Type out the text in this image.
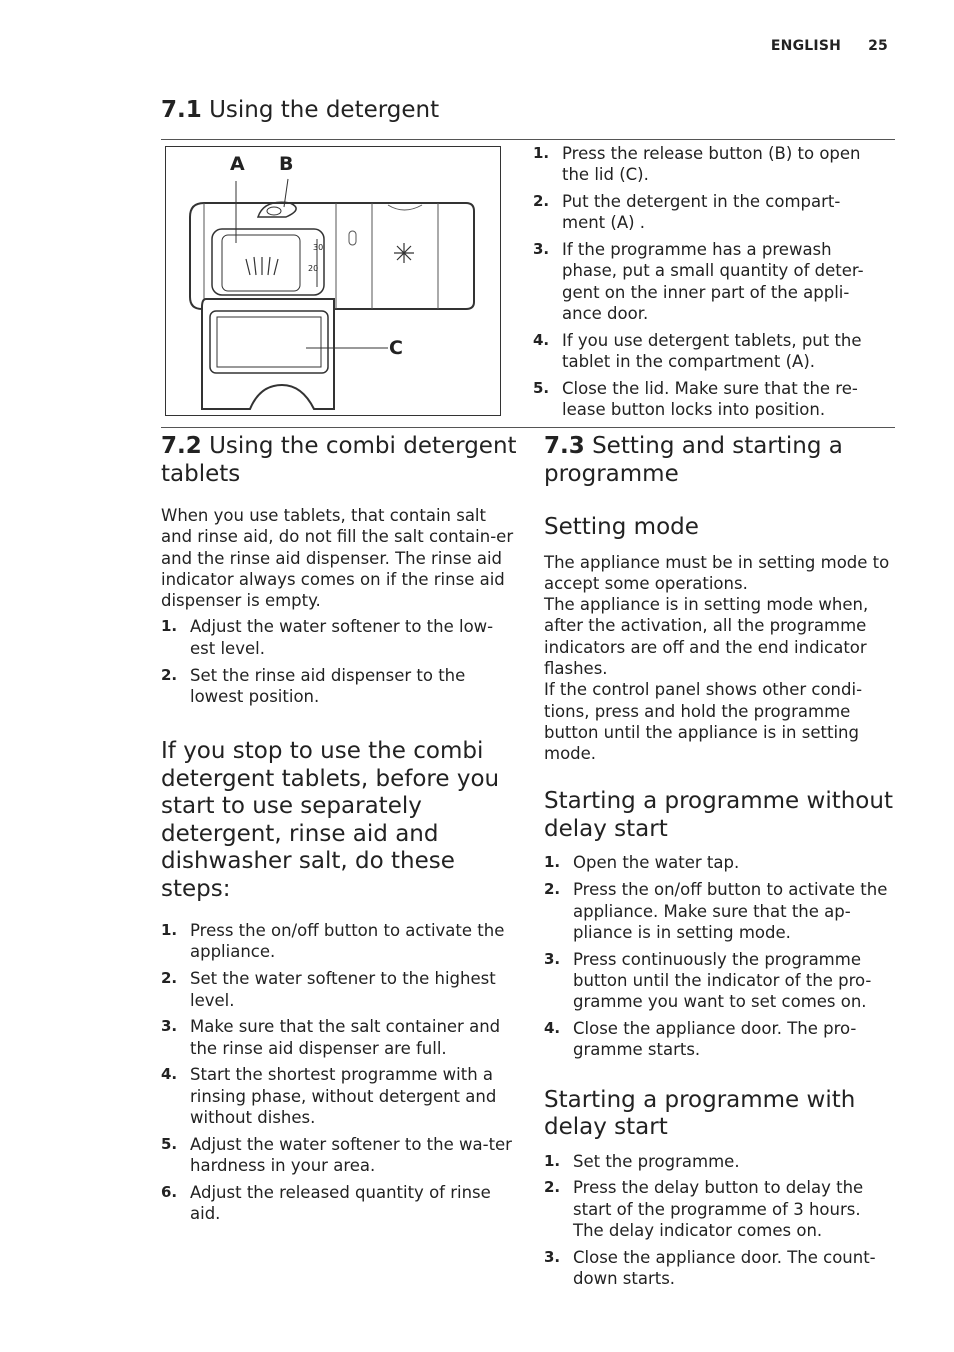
ENGLISH 25
7.1 Using the detergent
A B
C
30
20
1. Press the release button (B) to open the lid (C).
2. Put the detergent in the compart-ment (A) .
3. If the programme has a prewash phase, put a small quantity of deter-gent on the inner part of the appli-ance door.
4. If you use detergent tablets, put the tablet in the compartment (A).
5. Close the lid. Make sure that the re-lease button locks into position.
7.2 Using the combi detergent tablets

When you use tablets, that contain salt and rinse aid, do not fill the salt contain-er and the rinse aid dispenser. The rinse aid indicator always comes on if the rinse aid dispenser is empty.

1. Adjust the water softener to the low-est level.
2. Set the rinse aid dispenser to the lowest position.
If you stop to use the combi detergent tablets, before you start to use separately detergent, rinse aid and dishwasher salt, do these steps:
1. Press the on/off button to activate the appliance.
2. Set the water softener to the highest level.
3. Make sure that the salt container and the rinse aid dispenser are full.
4. Start the shortest programme with a rinsing phase, without detergent and without dishes.
5. Adjust the water softener to the wa-ter hardness in your area.
6. Adjust the released quantity of rinse aid.
7.3 Setting and starting a programme
Setting mode

The appliance must be in setting mode to accept some operations.
The appliance is in setting mode when, after the activation, all the programme indicators are off and the end indicator flashes.
If the control panel shows other condi-tions, press and hold the programme button until the appliance is in setting mode.

Starting a programme without delay start
1. Open the water tap.
2. Press the on/off button to activate the appliance. Make sure that the ap-pliance is in setting mode.
3. Press continuously the programme button until the indicator of the pro-gramme you want to set comes on.
4. Close the appliance door. The pro-gramme starts.
Starting a programme with delay start
1. Set the programme.
2. Press the delay button to delay the start of the programme of 3 hours. The delay indicator comes on.
3. Close the appliance door. The count-down starts.
